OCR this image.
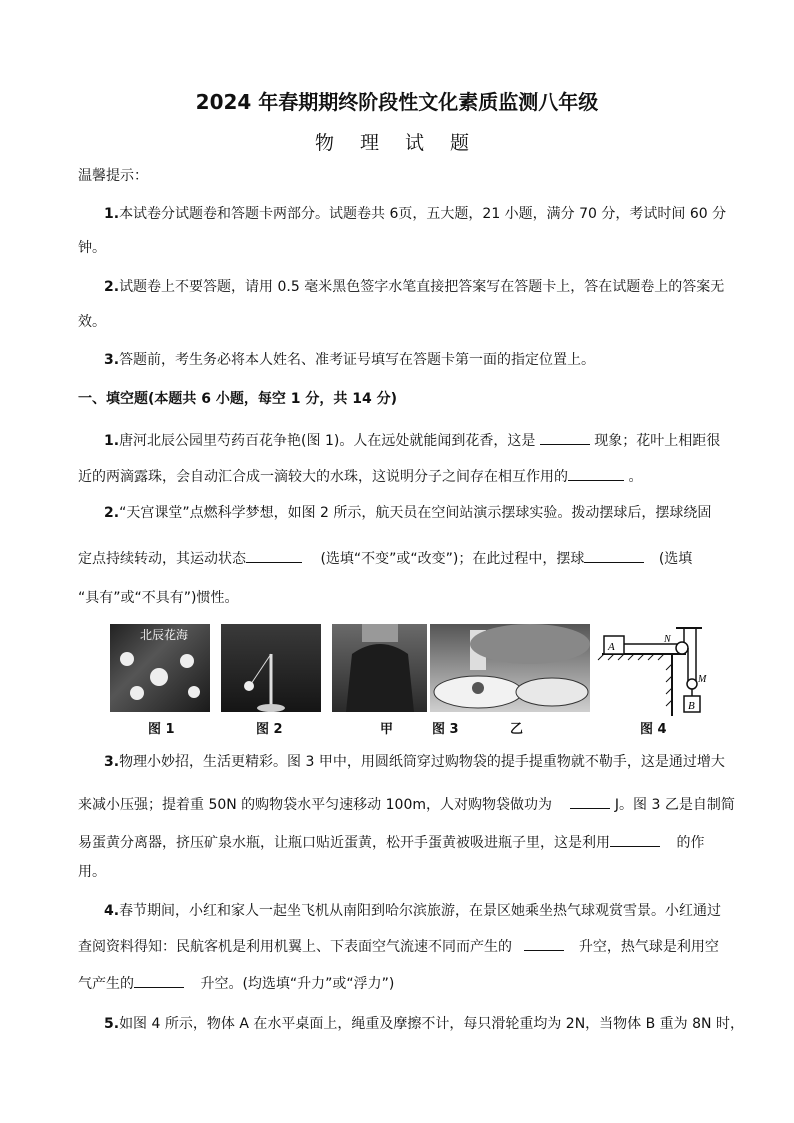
2024 年春期期终阶段性文化素质监测八年级
物 理 试 题
温馨提示：
1.本试卷分试题卷和答题卡两部分。试题卷共 6页，五大题，21 小题，满分 70 分，考试时间 60 分
钟。
2.试题卷上不要答题，请用 0.5 毫米黑色签字水笔直接把答案写在答题卡上，答在试题卷上的答案无
效。
3.答题前，考生务必将本人姓名、准考证号填写在答题卡第一面的指定位置上。
一、填空题(本题共 6 小题，每空 1 分，共 14 分)
1.唐河北辰公园里芍药百花争艳(图 1)。人在远处就能闻到花香，这是	现象；花叶上相距很
近的两滴露珠，会自动汇合成一滴较大的水珠，这说明分子之间存在相互作用的	。
2.“天宫课堂”点燃科学梦想，如图 2 所示，航天员在空间站演示摆球实验。拨动摆球后，摆球绕固
定点持续转动，其运动状态	(选填“不变”或“改变”)；在此过程中，摆球	(选填
“具有”或“不具有”)惯性。
北辰花海
图 1	图 2	甲	图 3	乙
A
N
M
B
图 4
3.物理小妙招，生活更精彩。图 3 甲中，用圆纸筒穿过购物袋的提手提重物就不勒手，这是通过增大
来减小压强；提着重 50N 的购物袋水平匀速移动 100m，人对购物袋做功为	J。图 3 乙是自制简
易蛋黄分离器，挤压矿泉水瓶，让瓶口贴近蛋黄，松开手蛋黄被吸进瓶子里，这是利用	的作
用。
4.春节期间，小红和家人一起坐飞机从南阳到哈尔滨旅游，在景区她乘坐热气球观赏雪景。小红通过
查阅资料得知：民航客机是利用机翼上、下表面空气流速不同而产生的	升空，热气球是利用空
气产生的	升空。(均选填“升力”或“浮力”)
5.如图 4 所示，物体 A 在水平桌面上，绳重及摩擦不计，每只滑轮重均为 2N，当物体 B 重为 8N 时，
